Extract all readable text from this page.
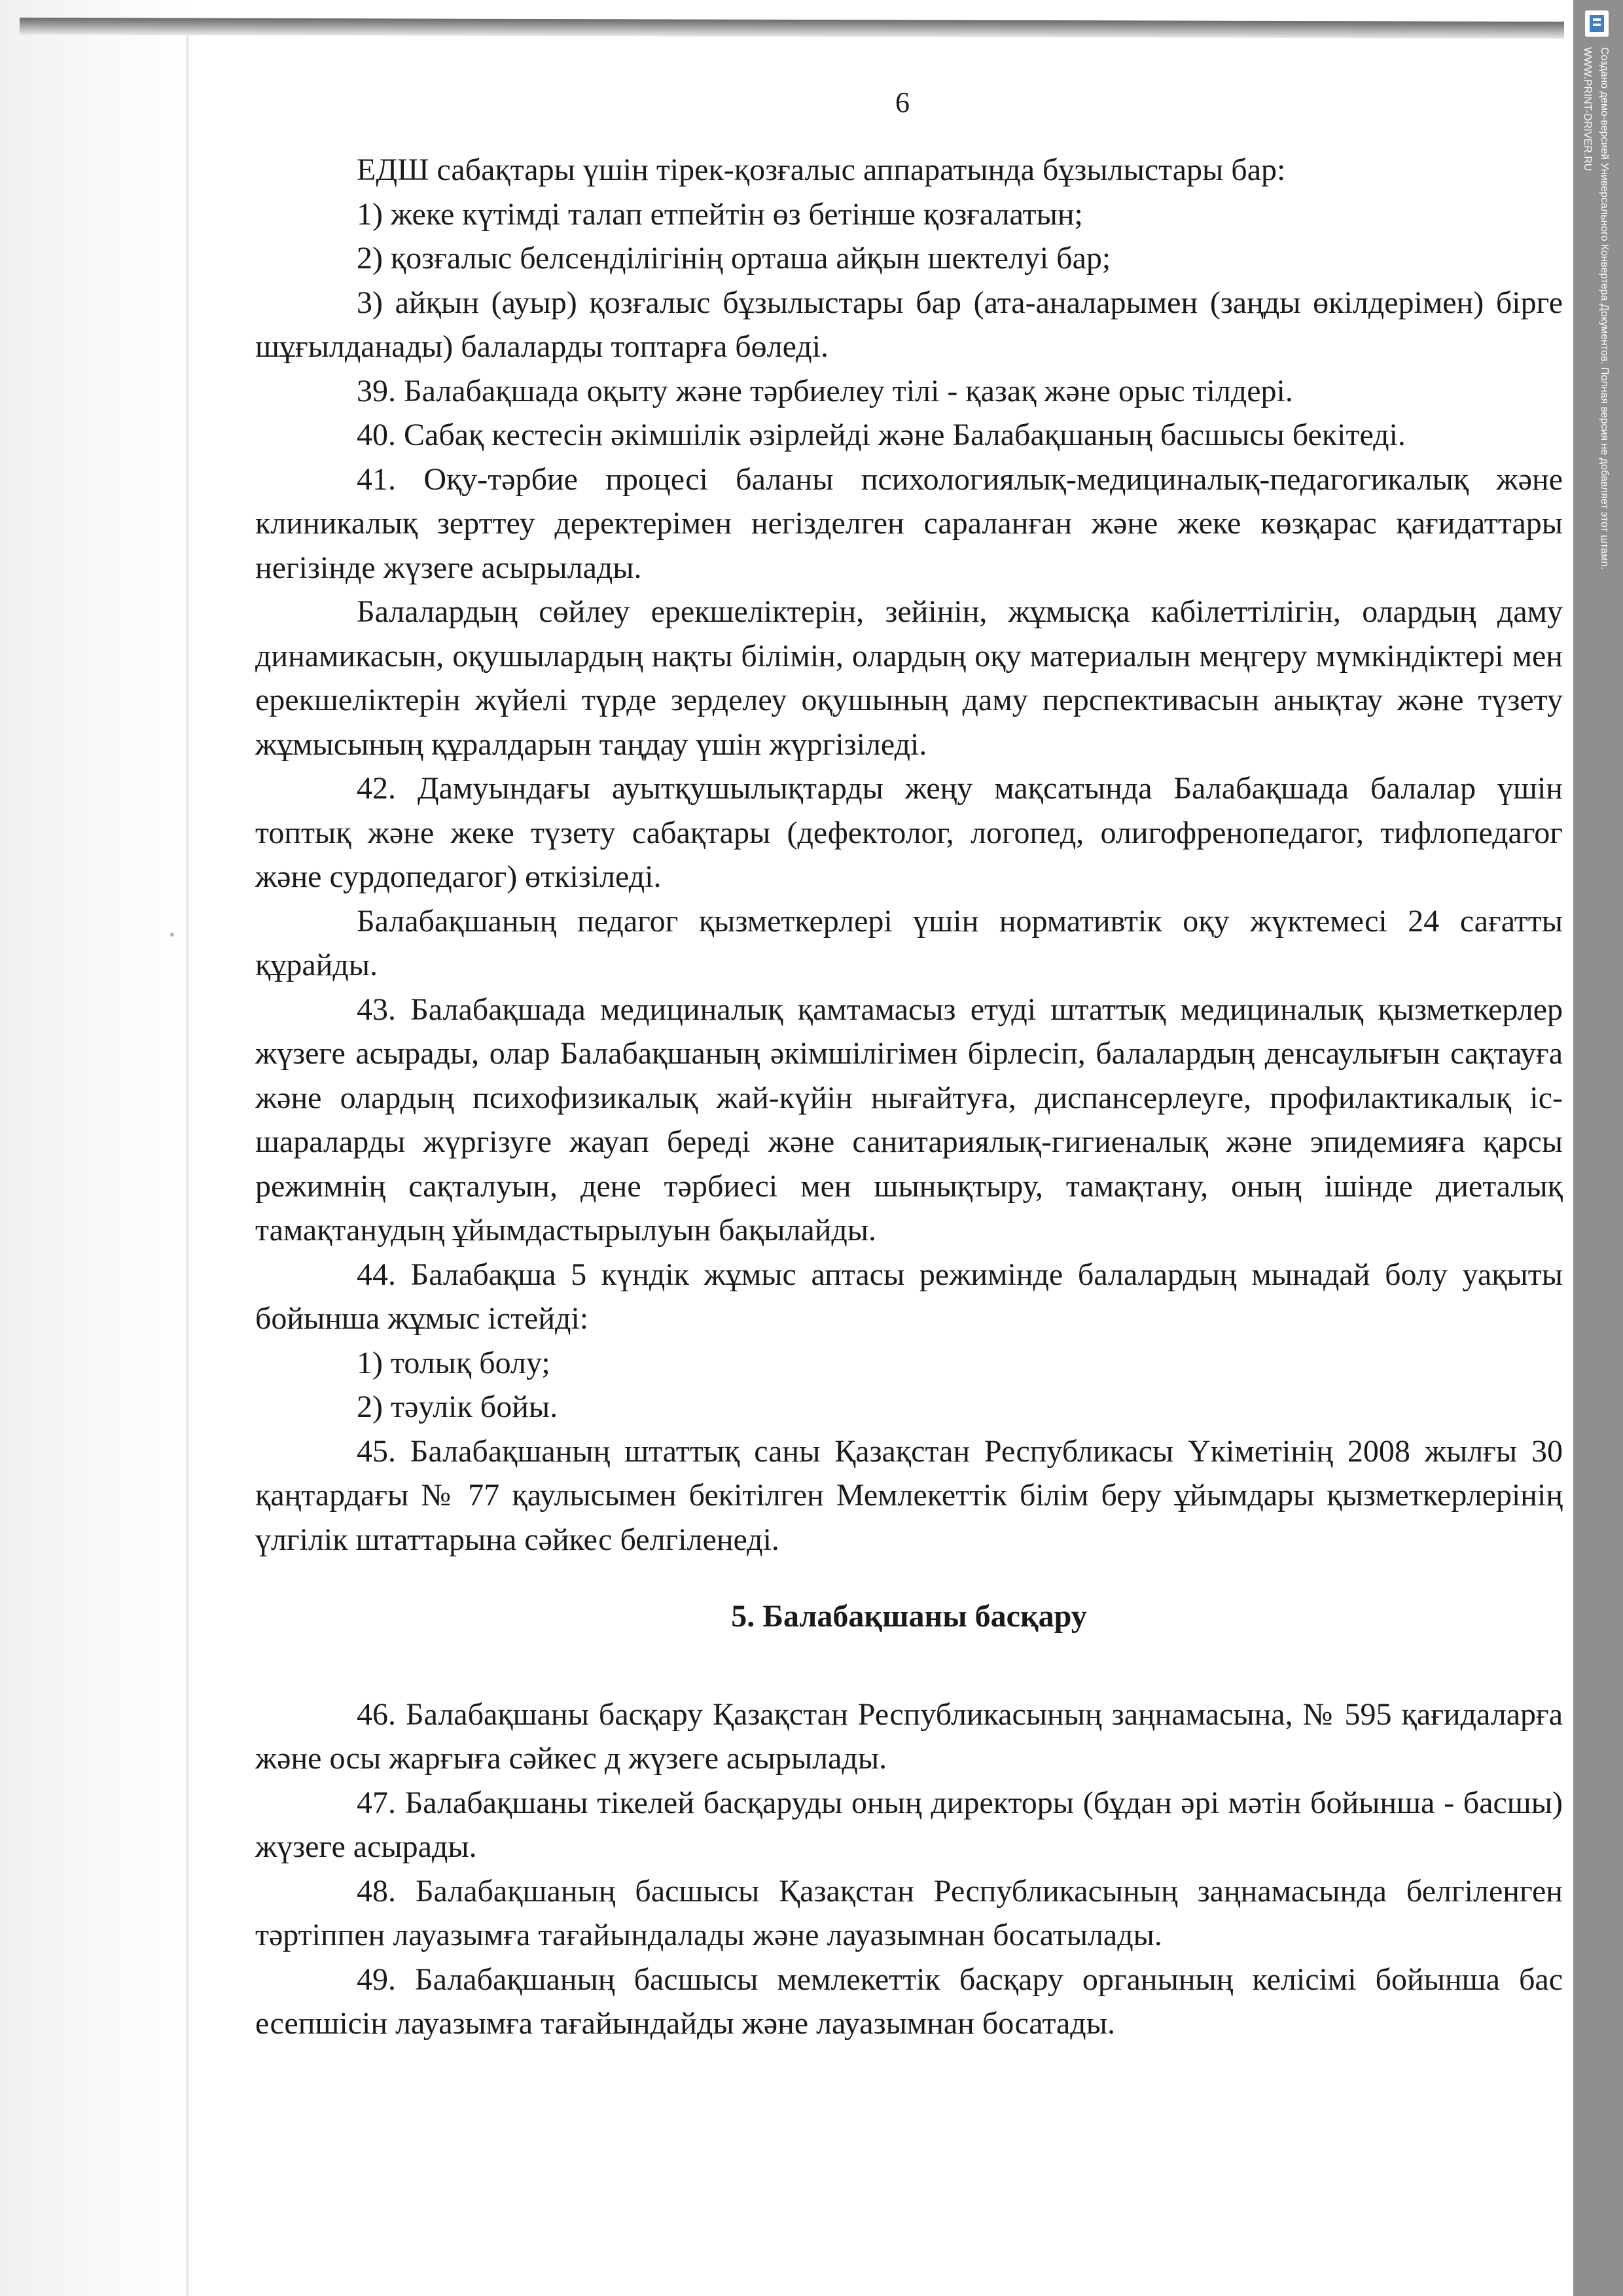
Создано демо-версией Универсального Конвертера Документов. Полная версия не добавляет этот штамп.
WWW.PRINT-DRIVER.RU
6

ЕДШ сабақтары үшін тірек-қозғалыс аппаратында бұзылыстары бар:

1) жеке күтімді талап етпейтін өз бетінше қозғалатын;

2) қозғалыс белсенділігінің орташа айқын шектелуі бар;

3) айқын (ауыр) қозғалыс бұзылыстары бар (ата-аналарымен (заңды өкілдерімен) бірге шұғылданады) балаларды топтарға бөледі.

39. Балабақшада оқыту және тәрбиелеу тілі - қазақ және орыс тілдері.

40. Сабақ кестесін әкімшілік әзірлейді және Балабақшаның басшысы бекітеді.

41. Оқу-тәрбие процесі баланы психологиялық-медициналық-педагогикалық және клиникалық зерттеу деректерімен негізделген сараланған және жеке көзқарас қағидаттары негізінде жүзеге асырылады.

Балалардың сөйлеу ерекшеліктерін, зейінін, жұмысқа кабілеттілігін, олардың даму динамикасын, оқушылардың нақты білімін, олардың оқу материалын меңгеру мүмкіндіктері мен ерекшеліктерін жүйелі түрде зерделеу оқушының даму перспективасын анықтау және түзету жұмысының құралдарын таңдау үшін жүргізіледі.

42. Дамуындағы ауытқушылықтарды жеңу мақсатында Балабақшада балалар үшін топтық және жеке түзету сабақтары (дефектолог, логопед, олигофренопедагог, тифлопедагог және сурдопедагог) өткізіледі.

Балабақшаның педагог қызметкерлері үшін нормативтік оқу жүктемесі 24 сағатты құрайды.

43. Балабақшада медициналық қамтамасыз етуді штаттық медициналық қызметкерлер жүзеге асырады, олар Балабақшаның әкімшілігімен бірлесіп, балалардың денсаулығын сақтауға және олардың психофизикалық жай-күйін нығайтуға, диспансерлеуге, профилактикалық іс-шараларды жүргізуге жауап береді және санитариялық-гигиеналық және эпидемияға қарсы режимнің сақталуын, дене тәрбиесі мен шынықтыру, тамақтану, оның ішінде диеталық тамақтанудың ұйымдастырылуын бақылайды.

44. Балабақша 5 күндік жұмыс аптасы режимінде балалардың мынадай болу уақыты бойынша жұмыс істейді:

1) толық болу;

2) тәулік бойы.

45. Балабақшаның штаттық саны Қазақстан Республикасы Үкіметінің 2008 жылғы 30 қаңтардағы № 77 қаулысымен бекітілген Мемлекеттік білім беру ұйымдары қызметкерлерінің үлгілік штаттарына сәйкес белгіленеді.

5. Балабақшаны басқару

46. Балабақшаны басқару Қазақстан Республикасының заңнамасына, № 595 қағидаларға және осы жарғыға сәйкес д жүзеге асырылады.

47. Балабақшаны тікелей басқаруды оның директоры (бұдан әрі мәтін бойынша - басшы) жүзеге асырады.

48. Балабақшаның басшысы Қазақстан Республикасының заңнамасында белгіленген тәртіппен лауазымға тағайындалады және лауазымнан босатылады.

49. Балабақшаның басшысы мемлекеттік басқару органының келісімі бойынша бас есепшісін лауазымға тағайындайды және лауазымнан босатады.
